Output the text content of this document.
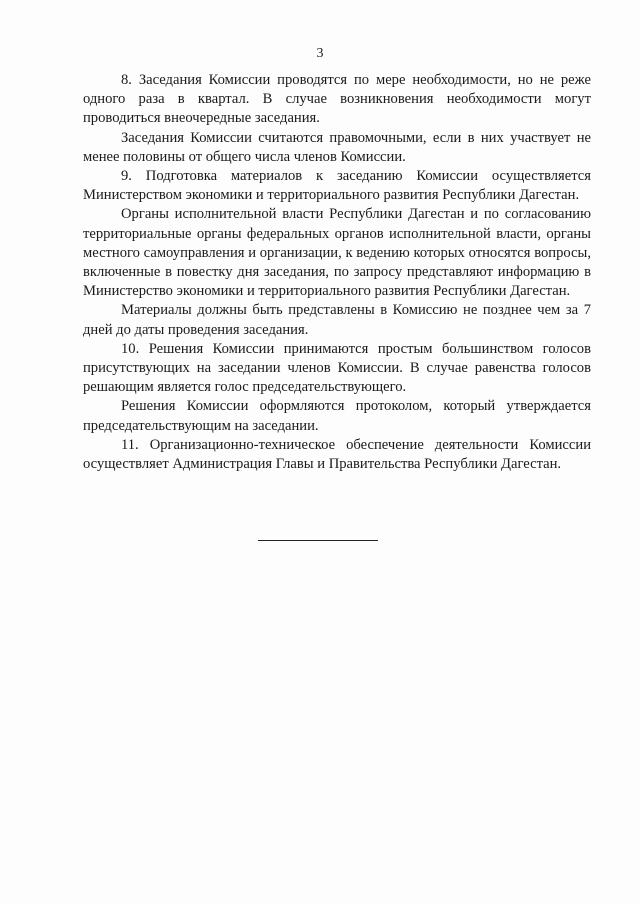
3

8. Заседания Комиссии проводятся по мере необходимости, но не реже одного раза в квартал. В случае возникновения необходимости могут проводиться внеочередные заседания.

Заседания Комиссии считаются правомочными, если в них участвует не менее половины от общего числа членов Комиссии.

9. Подготовка материалов к заседанию Комиссии осуществляется Министерством экономики и территориального развития Республики Дагестан.

Органы исполнительной власти Республики Дагестан и по согласованию территориальные органы федеральных органов исполнительной власти, органы местного самоуправления и организации, к ведению которых относятся вопросы, включенные в повестку дня заседания, по запросу представляют информацию в Министерство экономики и территориального развития Республики Дагестан.

Материалы должны быть представлены в Комиссию не позднее чем за 7 дней до даты проведения заседания.

10. Решения Комиссии принимаются простым большинством голосов присутствующих на заседании членов Комиссии. В случае равенства голосов решающим является голос председательствующего.

Решения Комиссии оформляются протоколом, который утверждается председательствующим на заседании.

11. Организационно-техническое обеспечение деятельности Комиссии осуществляет Администрация Главы и Правительства Республики Дагестан.
